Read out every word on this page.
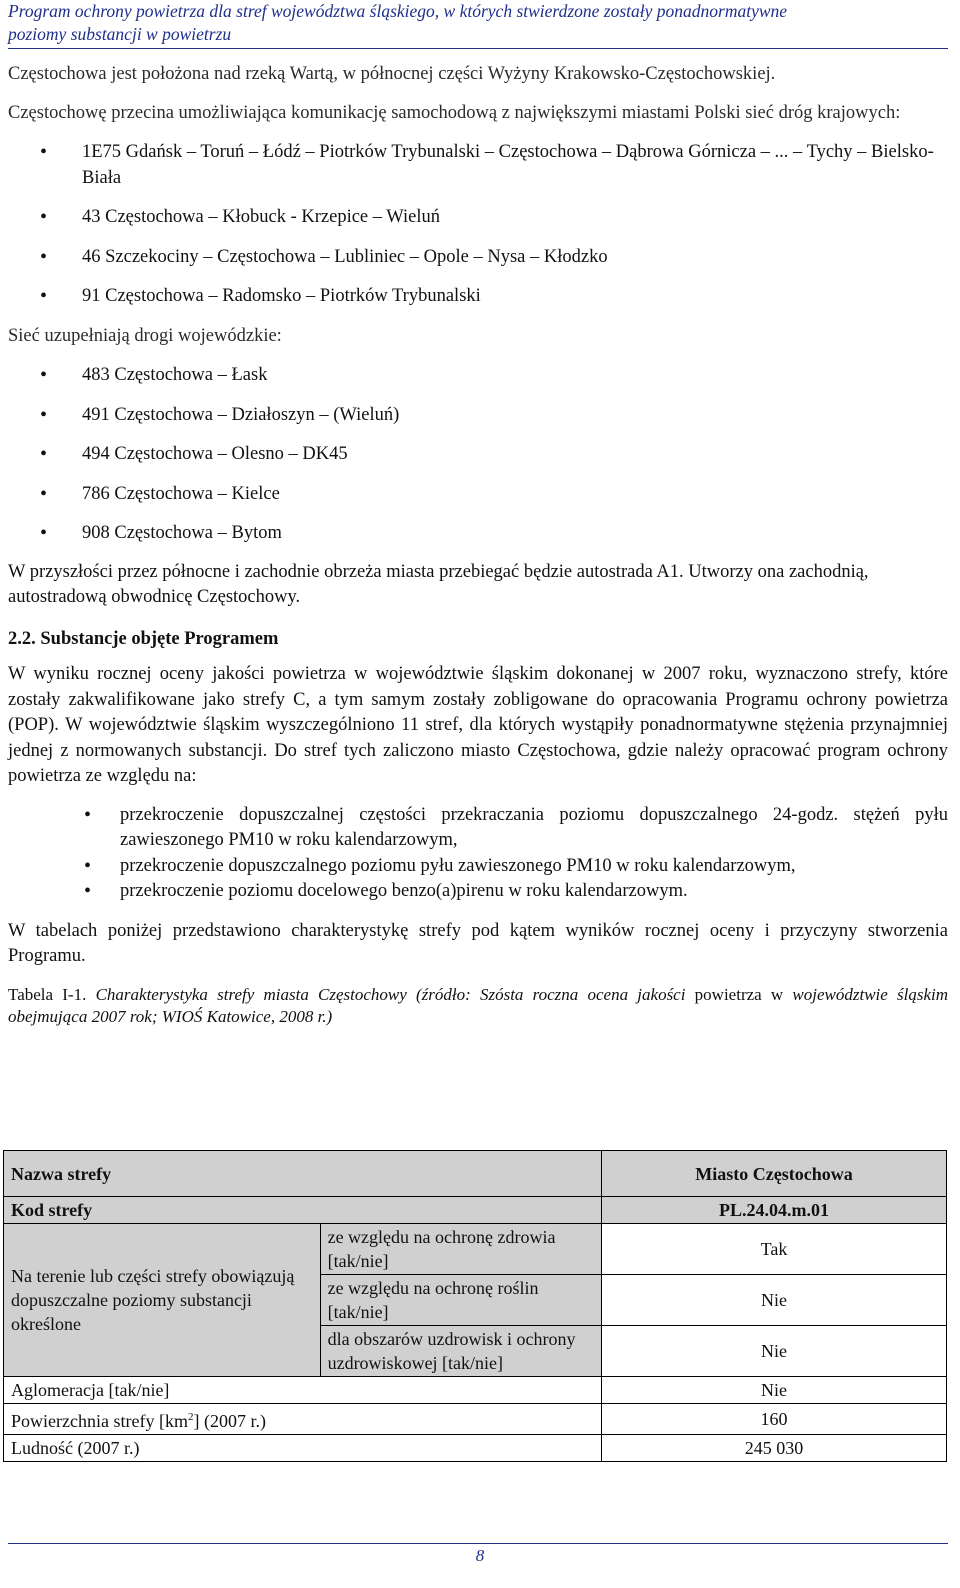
Program ochrony powietrza dla stref województwa śląskiego, w których stwierdzone zostały ponadnormatywne
poziomy substancji w powietrzu

Częstochowa jest położona nad rzeką Wartą, w północnej części Wyżyny Krakowsko-Częstochowskiej.

Częstochowę przecina umożliwiająca komunikację samochodową z największymi miastami Polski sieć dróg krajowych:

• 1E75 Gdańsk – Toruń – Łódź – Piotrków Trybunalski – Częstochowa – Dąbrowa Górnicza – ... – Tychy – Bielsko-Biała
• 43 Częstochowa – Kłobuck - Krzepice – Wieluń
• 46 Szczekociny – Częstochowa – Lubliniec – Opole – Nysa – Kłodzko
• 91 Częstochowa – Radomsko – Piotrków Trybunalski

Sieć uzupełniają drogi wojewódzkie:

• 483 Częstochowa – Łask
• 491 Częstochowa – Działoszyn – (Wieluń)
• 494 Częstochowa – Olesno – DK45
• 786 Częstochowa – Kielce
• 908 Częstochowa – Bytom

W przyszłości przez północne i zachodnie obrzeża miasta przebiegać będzie autostrada A1. Utworzy ona zachodnią, autostradową obwodnicę Częstochowy.

2.2. Substancje objęte Programem

W wyniku rocznej oceny jakości powietrza w województwie śląskim dokonanej w 2007 roku, wyznaczono strefy, które zostały zakwalifikowane jako strefy C, a tym samym zostały zobligowane do opracowania Programu ochrony powietrza (POP). W województwie śląskim wyszczególniono 11 stref, dla których wystąpiły ponadnormatywne stężenia przynajmniej jednej z normowanych substancji. Do stref tych zaliczono miasto Częstochowa, gdzie należy opracować program ochrony powietrza ze względu na:

• przekroczenie dopuszczalnej częstości przekraczania poziomu dopuszczalnego 24-godz. stężeń pyłu zawieszonego PM10 w roku kalendarzowym,
• przekroczenie dopuszczalnego poziomu pyłu zawieszonego PM10 w roku kalendarzowym,
• przekroczenie poziomu docelowego benzo(a)pirenu w roku kalendarzowym.

W tabelach poniżej przedstawiono charakterystykę strefy pod kątem wyników rocznej oceny i przyczyny stworzenia Programu.

Tabela I-1. Charakterystyka strefy miasta Częstochowy (źródło: Szósta roczna ocena jakości powietrza w województwie śląskim obejmująca 2007 rok; WIOŚ Katowice, 2008 r.)

Nazwa strefy		Miasto Częstochowa
Kod strefy		PL.24.04.m.01
Na terenie lub części strefy obowiązują dopuszczalne poziomy substancji określone	ze względu na ochronę zdrowia [tak/nie]	Tak
	ze względu na ochronę roślin [tak/nie]	Nie
	dla obszarów uzdrowisk i ochrony uzdrowiskowej [tak/nie]	Nie
Aglomeracja [tak/nie]		Nie
Powierzchnia strefy $[km^2]$ (2007 r.)		160
Ludność (2007 r.)		245 030
8
